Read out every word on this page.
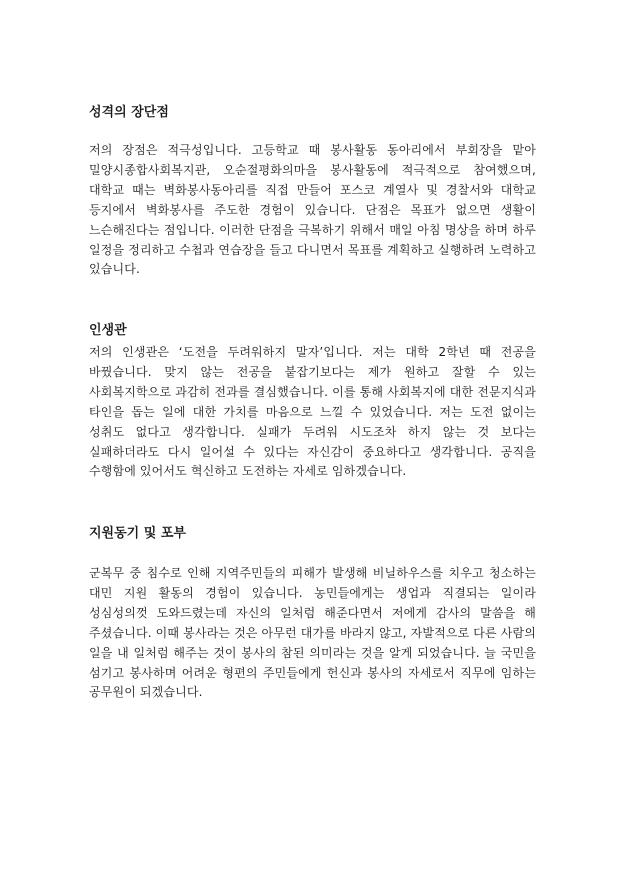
성격의 장단점

저의 장점은 적극성입니다. 고등학교 때 봉사활동 동아리에서 부회장을 맡아 밀양시종합사회복지관, 오순절평화의마을 봉사활동에 적극적으로 참여했으며, 대학교 때는 벽화봉사동아리를 직접 만들어 포스코 계열사 및 경찰서와 대학교 등지에서 벽화봉사를 주도한 경험이 있습니다. 단점은 목표가 없으면 생활이 느슨해진다는 점입니다. 이러한 단점을 극복하기 위해서 매일 아침 명상을 하며 하루 일정을 정리하고 수첩과 연습장을 들고 다니면서 목표를 계획하고 실행하려 노력하고 있습니다.

인생관

저의 인생관은 ‘도전을 두려워하지 말자’입니다. 저는 대학 2학년 때 전공을 바꿨습니다. 맞지 않는 전공을 붙잡기보다는 제가 원하고 잘할 수 있는 사회복지학으로 과감히 전과를 결심했습니다. 이를 통해 사회복지에 대한 전문지식과 타인을 돕는 일에 대한 가치를 마음으로 느낄 수 있었습니다. 저는 도전 없이는 성취도 없다고 생각합니다. 실패가 두려워 시도조차 하지 않는 것 보다는 실패하더라도 다시 일어설 수 있다는 자신감이 중요하다고 생각합니다. 공직을 수행함에 있어서도 혁신하고 도전하는 자세로 임하겠습니다.

지원동기 및 포부

군복무 중 침수로 인해 지역주민들의 피해가 발생해 비닐하우스를 치우고 청소하는 대민 지원 활동의 경험이 있습니다. 농민들에게는 생업과 직결되는 일이라 성심성의껏 도와드렸는데 자신의 일처럼 해준다면서 저에게 감사의 말씀을 해 주셨습니다. 이때 봉사라는 것은 아무런 대가를 바라지 않고, 자발적으로 다른 사람의 일을 내 일처럼 해주는 것이 봉사의 참된 의미라는 것을 알게 되었습니다. 늘 국민을 섬기고 봉사하며 어려운 형편의 주민들에게 헌신과 봉사의 자세로서 직무에 임하는 공무원이 되겠습니다.
